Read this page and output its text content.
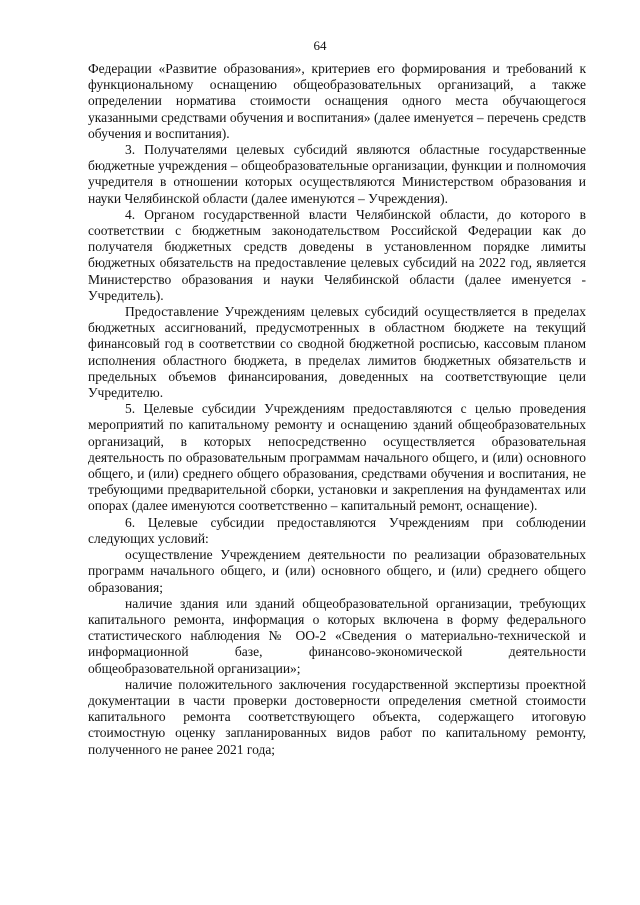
64

Федерации «Развитие образования», критериев его формирования и требований к функциональному оснащению общеобразовательных организаций, а также определении норматива стоимости оснащения одного места обучающегося указанными средствами обучения и воспитания» (далее именуется – перечень средств обучения и воспитания).

3. Получателями целевых субсидий являются областные государственные бюджетные учреждения – общеобразовательные организации, функции и полномочия учредителя в отношении которых осуществляются Министерством образования и науки Челябинской области (далее именуются – Учреждения).

4. Органом государственной власти Челябинской области, до которого в соответствии с бюджетным законодательством Российской Федерации как до получателя бюджетных средств доведены в установленном порядке лимиты бюджетных обязательств на предоставление целевых субсидий на 2022 год, является Министерство образования и науки Челябинской области (далее именуется - Учредитель).

Предоставление Учреждениям целевых субсидий осуществляется в пределах бюджетных ассигнований, предусмотренных в областном бюджете на текущий финансовый год в соответствии со сводной бюджетной росписью, кассовым планом исполнения областного бюджета, в пределах лимитов бюджетных обязательств и предельных объемов финансирования, доведенных на соответствующие цели Учредителю.

5. Целевые субсидии Учреждениям предоставляются с целью проведения мероприятий по капитальному ремонту и оснащению зданий общеобразовательных организаций, в которых непосредственно осуществляется образовательная деятельность по образовательным программам начального общего, и (или) основного общего, и (или) среднего общего образования, средствами обучения и воспитания, не требующими предварительной сборки, установки и закрепления на фундаментах или опорах (далее именуются соответственно – капитальный ремонт, оснащение).

6. Целевые субсидии предоставляются Учреждениям при соблюдении следующих условий:

осуществление Учреждением деятельности по реализации образовательных программ начального общего, и (или) основного общего, и (или) среднего общего образования;

наличие здания или зданий общеобразовательной организации, требующих капитального ремонта, информация о которых включена в форму федерального статистического наблюдения № ОО-2 «Сведения о материально-технической и информационной базе, финансово-экономической деятельности общеобразовательной организации»;

наличие положительного заключения государственной экспертизы проектной документации в части проверки достоверности определения сметной стоимости капитального ремонта соответствующего объекта, содержащего итоговую стоимостную оценку запланированных видов работ по капитальному ремонту, полученного не ранее 2021 года;
